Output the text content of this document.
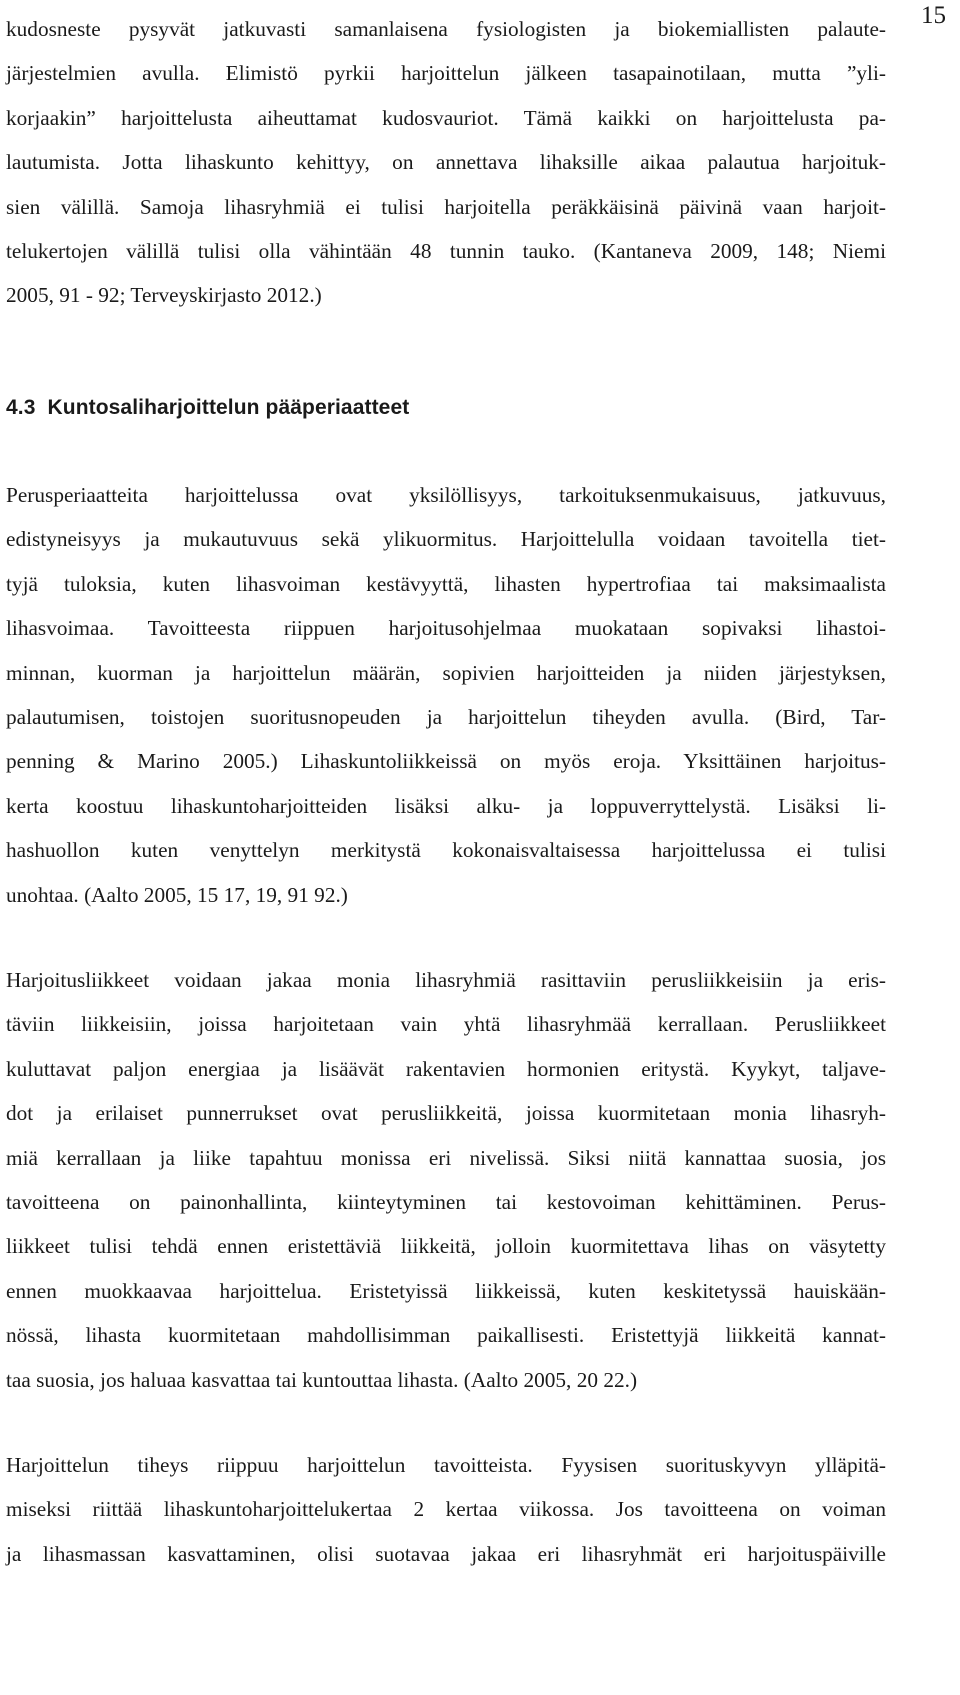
15
kudosneste pysyvät jatkuvasti samanlaisena fysiologisten ja biokemiallisten palaute-
järjestelmien avulla. Elimistö pyrkii harjoittelun jälkeen tasapainotilaan, mutta ”yli-
korjaakin” harjoittelusta aiheuttamat kudosvauriot. Tämä kaikki on harjoittelusta pa-
lautumista. Jotta lihaskunto kehittyy, on annettava lihaksille aikaa palautua harjoituk-
sien välillä. Samoja lihasryhmiä ei tulisi harjoitella peräkkäisinä päivinä vaan harjoit-
telukertojen välillä tulisi olla vähintään 48 tunnin tauko. (Kantaneva 2009, 148; Niemi
2005, 91 - 92; Terveyskirjasto 2012.)
4.3 Kuntosaliharjoittelun pääperiaatteet
Perusperiaatteita harjoittelussa ovat yksilöllisyys, tarkoituksenmukaisuus, jatkuvuus,
edistyneisyys ja mukautuvuus sekä ylikuormitus. Harjoittelulla voidaan tavoitella tiet-
tyjä tuloksia, kuten lihasvoiman kestävyyttä, lihasten hypertrofiaa tai maksimaalista
lihasvoimaa. Tavoitteesta riippuen harjoitusohjelmaa muokataan sopivaksi lihastoi-
minnan, kuorman ja harjoittelun määrän, sopivien harjoitteiden ja niiden järjestyksen,
palautumisen, toistojen suoritusnopeuden ja harjoittelun tiheyden avulla. (Bird, Tar-
penning & Marino 2005.) Lihaskuntoliikkeissä on myös eroja. Yksittäinen harjoitus-
kerta koostuu lihaskuntoharjoitteiden lisäksi alku- ja loppuverryttelystä. Lisäksi li-
hashuollon kuten venyttelyn merkitystä kokonaisvaltaisessa harjoittelussa ei tulisi
unohtaa. (Aalto 2005, 15 17, 19, 91 92.)
Harjoitusliikkeet voidaan jakaa monia lihasryhmiä rasittaviin perusliikkeisiin ja eris-
täviin liikkeisiin, joissa harjoitetaan vain yhtä lihasryhmää kerrallaan. Perusliikkeet
kuluttavat paljon energiaa ja lisäävät rakentavien hormonien eritystä. Kyykyt, taljave-
dot ja erilaiset punnerrukset ovat perusliikkeitä, joissa kuormitetaan monia lihasryh-
miä kerrallaan ja liike tapahtuu monissa eri nivelissä. Siksi niitä kannattaa suosia, jos
tavoitteena on painonhallinta, kiinteytyminen tai kestovoiman kehittäminen. Perus-
liikkeet tulisi tehdä ennen eristettäviä liikkeitä, jolloin kuormitettava lihas on väsytetty
ennen muokkaavaa harjoittelua. Eristetyissä liikkeissä, kuten keskitetyssä hauiskään-
nössä, lihasta kuormitetaan mahdollisimman paikallisesti. Eristettyjä liikkeitä kannat-
taa suosia, jos haluaa kasvattaa tai kuntouttaa lihasta. (Aalto 2005, 20 22.)
Harjoittelun tiheys riippuu harjoittelun tavoitteista. Fyysisen suorituskyvyn ylläpitä-
miseksi riittää lihaskuntoharjoittelukertaa 2 kertaa viikossa. Jos tavoitteena on voiman
ja lihasmassan kasvattaminen, olisi suotavaa jakaa eri lihasryhmät eri harjoituspäiville
